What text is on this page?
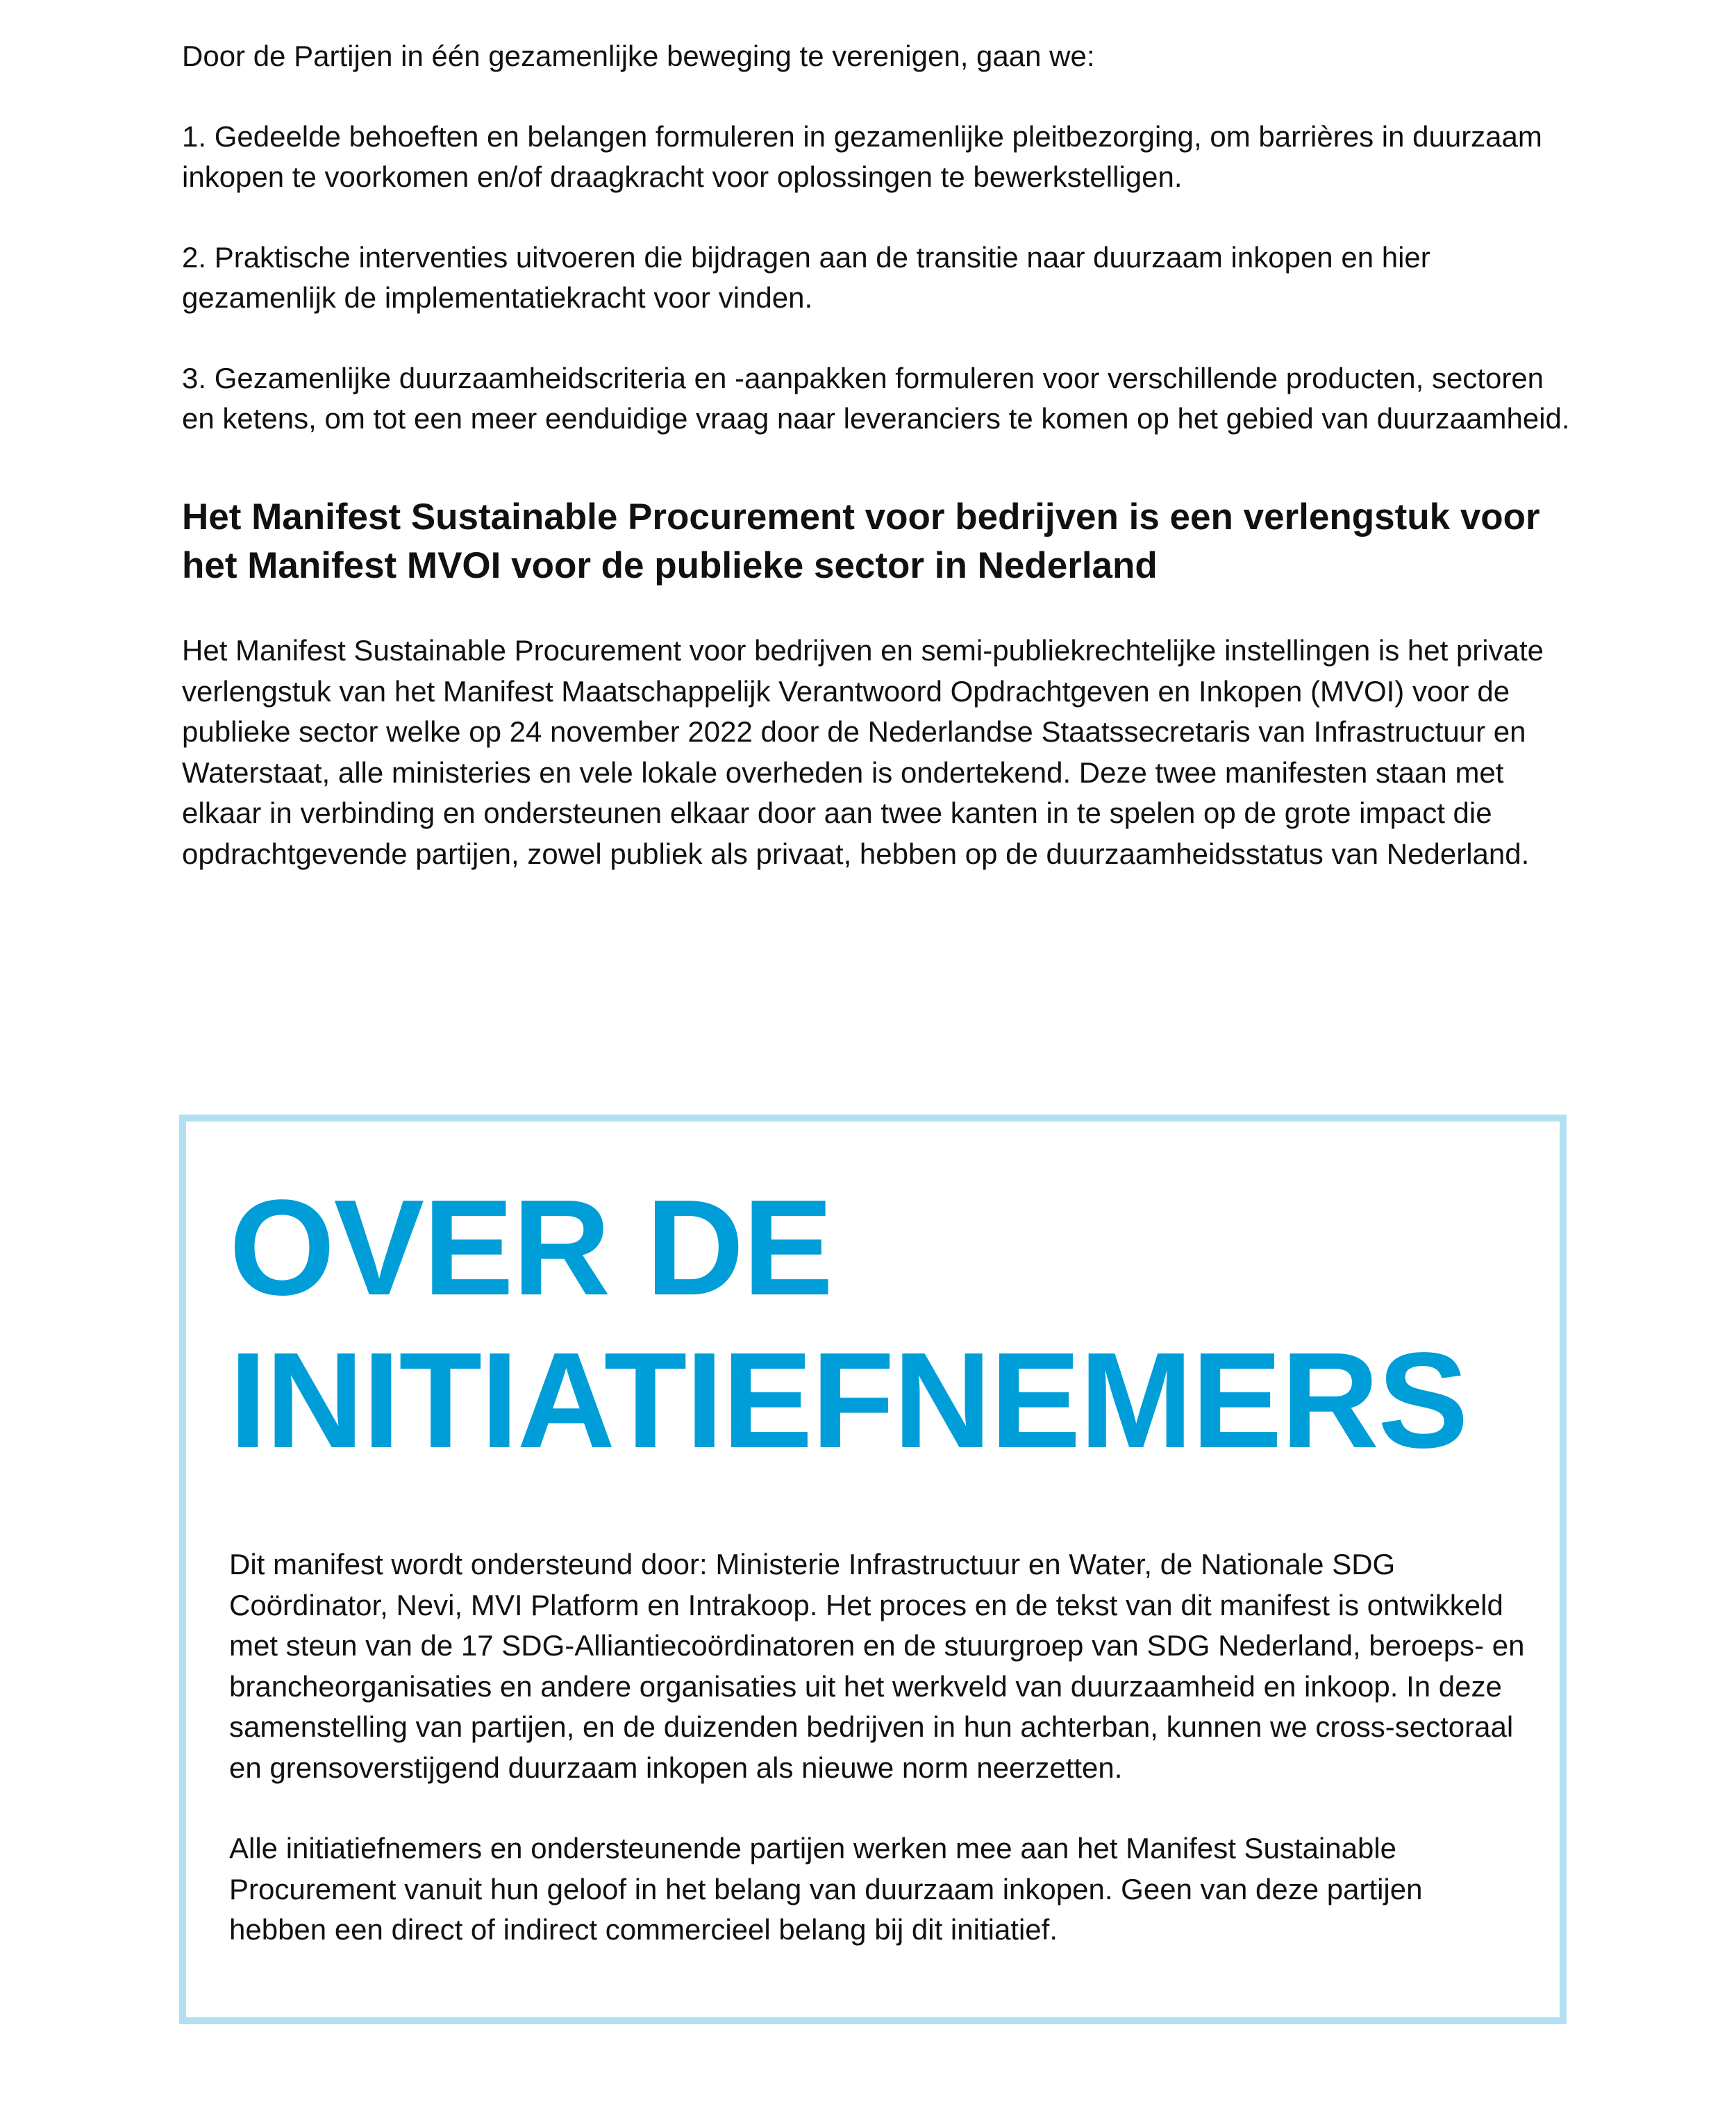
Door de Partijen in één gezamenlijke beweging te verenigen, gaan we:

1. Gedeelde behoeften en belangen formuleren in gezamenlijke pleitbezorging, om barrières in duurzaam inkopen te voorkomen en/of draagkracht voor oplossingen te bewerkstelligen.
2. Praktische interventies uitvoeren die bijdragen aan de transitie naar duurzaam inkopen en hier gezamenlijk de implementatiekracht voor vinden.
3. Gezamenlijke duurzaamheidscriteria en -aanpakken formuleren voor verschillende producten, sectoren en ketens, om tot een meer eenduidige vraag naar leveranciers te komen op het gebied van duurzaamheid.
Het Manifest Sustainable Procurement voor bedrijven is een verlengstuk voor het Manifest MVOI voor de publieke sector in Nederland

Het Manifest Sustainable Procurement voor bedrijven en semi-publiekrechtelijke instellingen is het private verlengstuk van het Manifest Maatschappelijk Verantwoord Opdrachtgeven en Inkopen (MVOI) voor de publieke sector welke op 24 november 2022 door de Nederlandse Staatssecretaris van Infrastructuur en Waterstaat, alle ministeries en vele lokale overheden is ondertekend. Deze twee manifesten staan met elkaar in verbinding en ondersteunen elkaar door aan twee kanten in te spelen op de grote impact die opdrachtgevende partijen, zowel publiek als privaat, hebben op de duurzaamheidsstatus van Nederland.

OVER DE
INITIATIEFNEMERS

Dit manifest wordt ondersteund door: Ministerie Infrastructuur en Water, de Nationale SDG Coördinator, Nevi, MVI Platform en Intrakoop. Het proces en de tekst van dit manifest is ontwikkeld met steun van de 17 SDG-Alliantiecoördinatoren en de stuurgroep van SDG Nederland, beroeps- en brancheorganisaties en andere organisaties uit het werkveld van duurzaamheid en inkoop. In deze samenstelling van partijen, en de duizenden bedrijven in hun achterban, kunnen we cross-sectoraal en grensoverstijgend duurzaam inkopen als nieuwe norm neerzetten.

Alle initiatiefnemers en ondersteunende partijen werken mee aan het Manifest Sustainable Procurement vanuit hun geloof in het belang van duurzaam inkopen. Geen van deze partijen hebben een direct of indirect commercieel belang bij dit initiatief.
